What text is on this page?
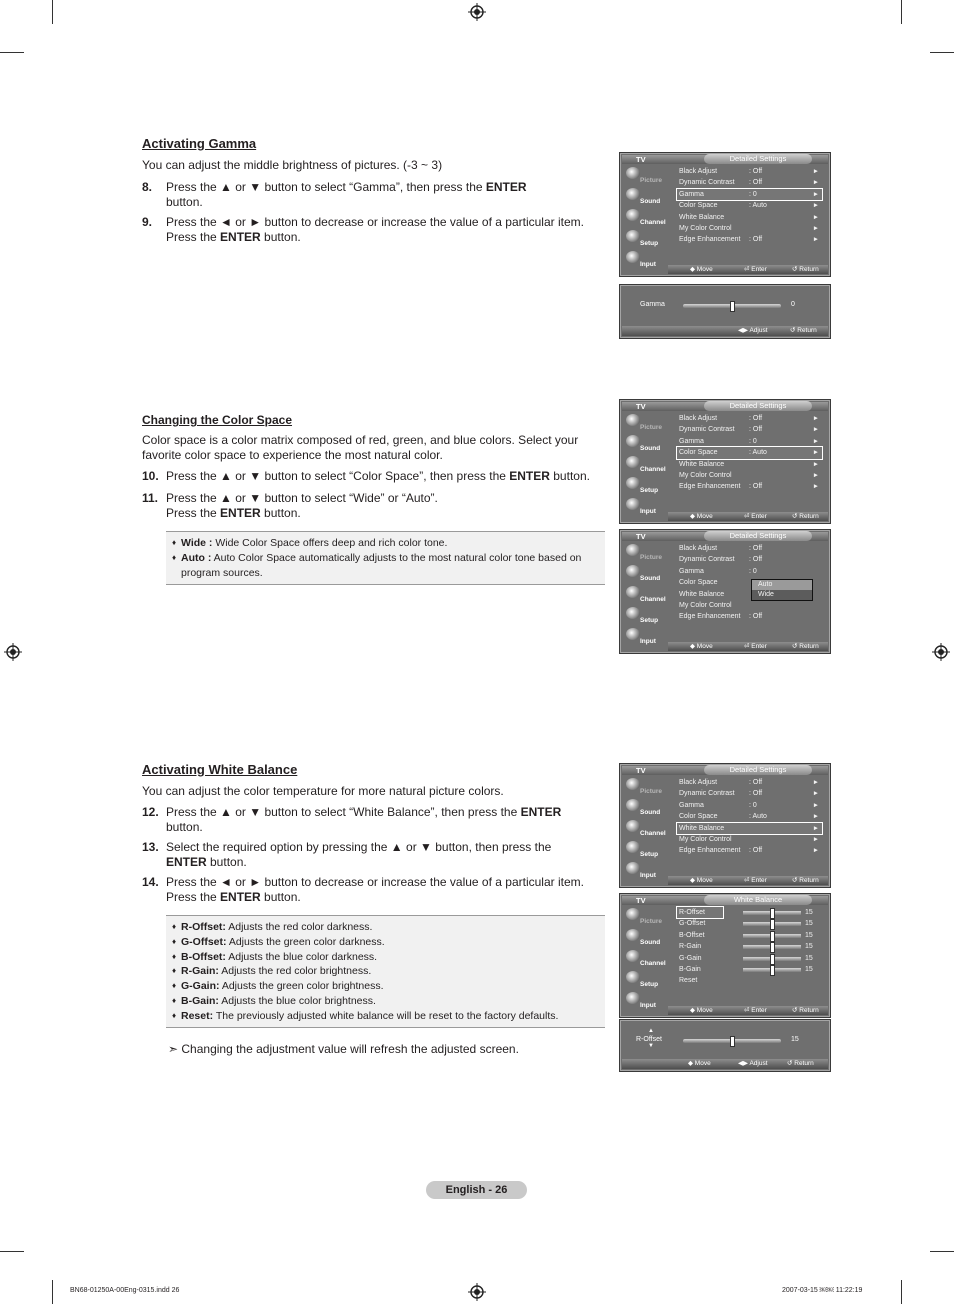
Activating Gamma
You can adjust the middle brightness of pictures. (-3 ~ 3)
8. Press the ▲ or ▼ button to select “Gamma”, then press the ENTER button.
9. Press the ◄ or ► button to decrease or increase the value of a particular item. Press the ENTER button.
Changing the Color Space
Color space is a color matrix composed of red, green, and blue colors. Select your favorite color space to experience the most natural color.
10. Press the ▲ or ▼ button to select “Color Space”, then press the ENTER button.
11. Press the ▲ or ▼ button to select “Wide” or “Auto”. Press the ENTER button.
♦ Wide : Wide Color Space offers deep and rich color tone.
♦ Auto : Auto Color Space automatically adjusts to the most natural color tone based on program sources.
Activating White Balance
You can adjust the color temperature for more natural picture colors.
12. Press the ▲ or ▼ button to select “White Balance”, then press the ENTER button.
13. Select the required option by pressing the ▲ or ▼ button, then press the ENTER button.
14. Press the ◄ or ► button to decrease or increase the value of a particular item. Press the ENTER button.
♦ R-Offset: Adjusts the red color darkness.
♦ G-Offset: Adjusts the green color darkness.
♦ B-Offset: Adjusts the blue color darkness.
♦ R-Gain: Adjusts the red color brightness.
♦ G-Gain: Adjusts the green color brightness.
♦ B-Gain: Adjusts the blue color brightness.
♦ Reset: The previously adjusted white balance will be reset to the factory defaults.
➣ Changing the adjustment value will refresh the adjusted screen.
TV	Detailed Settings
Picture
Sound
Channel
Setup
Input
◆ Move	⏎ Enter	↺ Return
Black Adjust	: Off	►
Dynamic Contrast : Off	►
Gamma	: 0	►
Color Space	: Auto	►
White Balance	►
My Color Control	►
Edge Enhancement : Off	►
Gamma	0
◀▶ Adjust	↺ Return
TV	Detailed Settings
Picture
Sound
Channel
Setup
Input
◆ Move	⏎ Enter	↺ Return
Black Adjust	: Off	►
Dynamic Contrast : Off	►
Gamma	: 0	►
Color Space	: Auto	►
White Balance	►
My Color Control	►
Edge Enhancement : Off	►
TV	Detailed Settings
Picture
Sound
Channel
Setup
Input
◆ Move	⏎ Enter	↺ Return
Black Adjust	: Off
Dynamic Contrast : Off
Gamma	: 0
Color Space
White Balance
My Color Control
Edge Enhancement : Off
Auto
Wide
TV	Detailed Settings
Picture
Sound
Channel
Setup
Input
◆ Move	⏎ Enter	↺ Return
Black Adjust	: Off	►
Dynamic Contrast : Off	►
Gamma	: 0	►
Color Space	: Auto	►
White Balance	►
My Color Control	►
Edge Enhancement : Off	►
TV	White Balance
Picture
Sound
Channel
Setup
Input
◆ Move	⏎ Enter	↺ Return
R-Offset	15
G-Offset	15
B-Offset	15
R-Gain	15
G-Gain	15
B-Gain	15
Reset
R-Offset
▲
▼
15
◆ Move	◀▶ Adjust	↺ Return
English - 26
BN68-01250A-00Eng-0315.indd 26	2007-03-15 ￼￼ 11:22:19
